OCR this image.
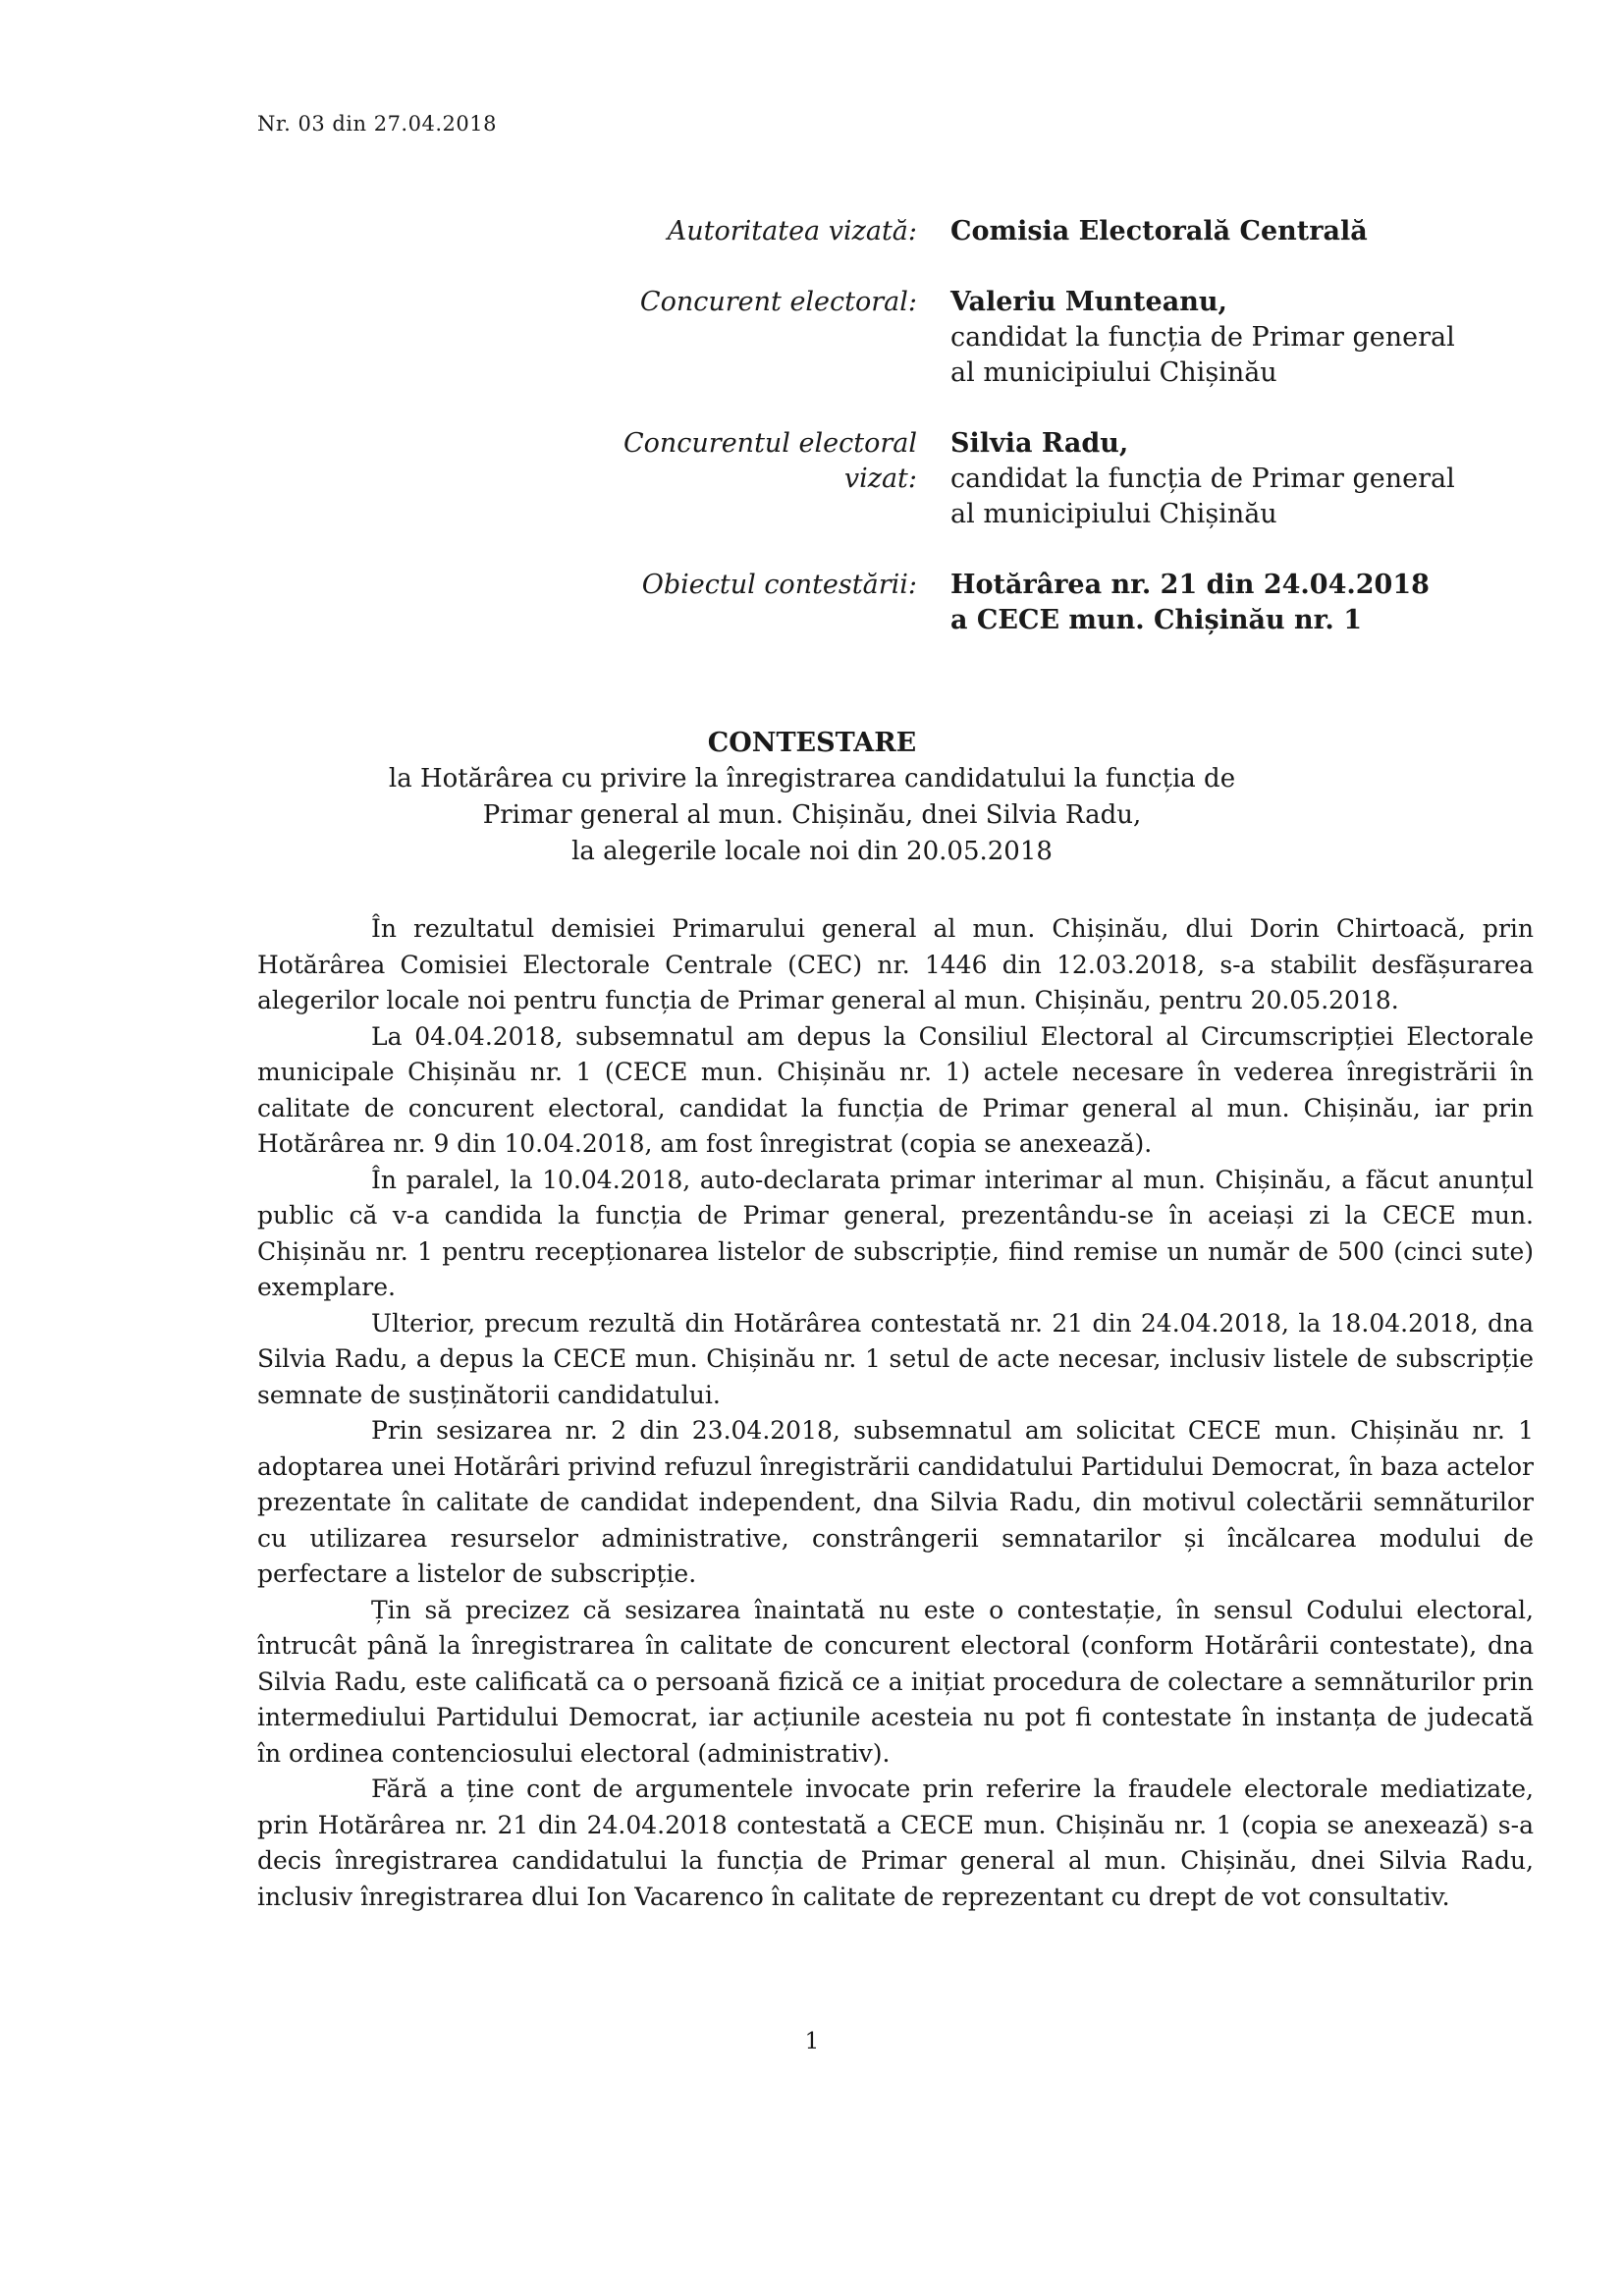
Nr. 03 din 27.04.2018
Autoritatea vizată: Comisia Electorală Centrală
Concurent electoral: Valeriu Munteanu,
candidat la funcția de Primar general
al municipiului Chișinău
Concurentul electoral
vizat:
Silvia Radu,
candidat la funcția de Primar general
al municipiului Chișinău
Obiectul contestării: Hotărârea nr. 21 din 24.04.2018
a CECE mun. Chișinău nr. 1
CONTESTARE
la Hotărârea cu privire la înregistrarea candidatului la funcția de
Primar general al mun. Chișinău, dnei Silvia Radu,
la alegerile locale noi din 20.05.2018

În rezultatul demisiei Primarului general al mun. Chișinău, dlui Dorin Chirtoacă, prin Hotărârea Comisiei Electorale Centrale (CEC) nr. 1446 din 12.03.2018, s-a stabilit desfășurarea alegerilor locale noi pentru funcția de Primar general al mun. Chișinău, pentru 20.05.2018.

La 04.04.2018, subsemnatul am depus la Consiliul Electoral al Circumscripției Electorale municipale Chișinău nr. 1 (CECE mun. Chișinău nr. 1) actele necesare în vederea înregistrării în calitate de concurent electoral, candidat la funcția de Primar general al mun. Chișinău, iar prin Hotărârea nr. 9 din 10.04.2018, am fost înregistrat (copia se anexează).

În paralel, la 10.04.2018, auto-declarata primar interimar al mun. Chișinău, a făcut anunțul public că v-a candida la funcția de Primar general, prezentându-se în aceiași zi la CECE mun. Chișinău nr. 1 pentru recepționarea listelor de subscripție, fiind remise un număr de 500 (cinci sute) exemplare.

Ulterior, precum rezultă din Hotărârea contestată nr. 21 din 24.04.2018, la 18.04.2018, dna Silvia Radu, a depus la CECE mun. Chișinău nr. 1 setul de acte necesar, inclusiv listele de subscripție semnate de susținătorii candidatului.

Prin sesizarea nr. 2 din 23.04.2018, subsemnatul am solicitat CECE mun. Chișinău nr. 1 adoptarea unei Hotărâri privind refuzul înregistrării candidatului Partidului Democrat, în baza actelor prezentate în calitate de candidat independent, dna Silvia Radu, din motivul colectării semnăturilor cu utilizarea resurselor administrative, constrângerii semnatarilor și încălcarea modului de perfectare a listelor de subscripție.

Țin să precizez că sesizarea înaintată nu este o contestație, în sensul Codului electoral, întrucât până la înregistrarea în calitate de concurent electoral (conform Hotărârii contestate), dna Silvia Radu, este calificată ca o persoană fizică ce a inițiat procedura de colectare a semnăturilor prin intermediului Partidului Democrat, iar acțiunile acesteia nu pot fi contestate în instanța de judecată în ordinea contenciosului electoral (administrativ).

Fără a ține cont de argumentele invocate prin referire la fraudele electorale mediatizate, prin Hotărârea nr. 21 din 24.04.2018 contestată a CECE mun. Chișinău nr. 1 (copia se anexează) s-a decis înregistrarea candidatului la funcția de Primar general al mun. Chișinău, dnei Silvia Radu, inclusiv înregistrarea dlui Ion Vacarenco în calitate de reprezentant cu drept de vot consultativ.

1
